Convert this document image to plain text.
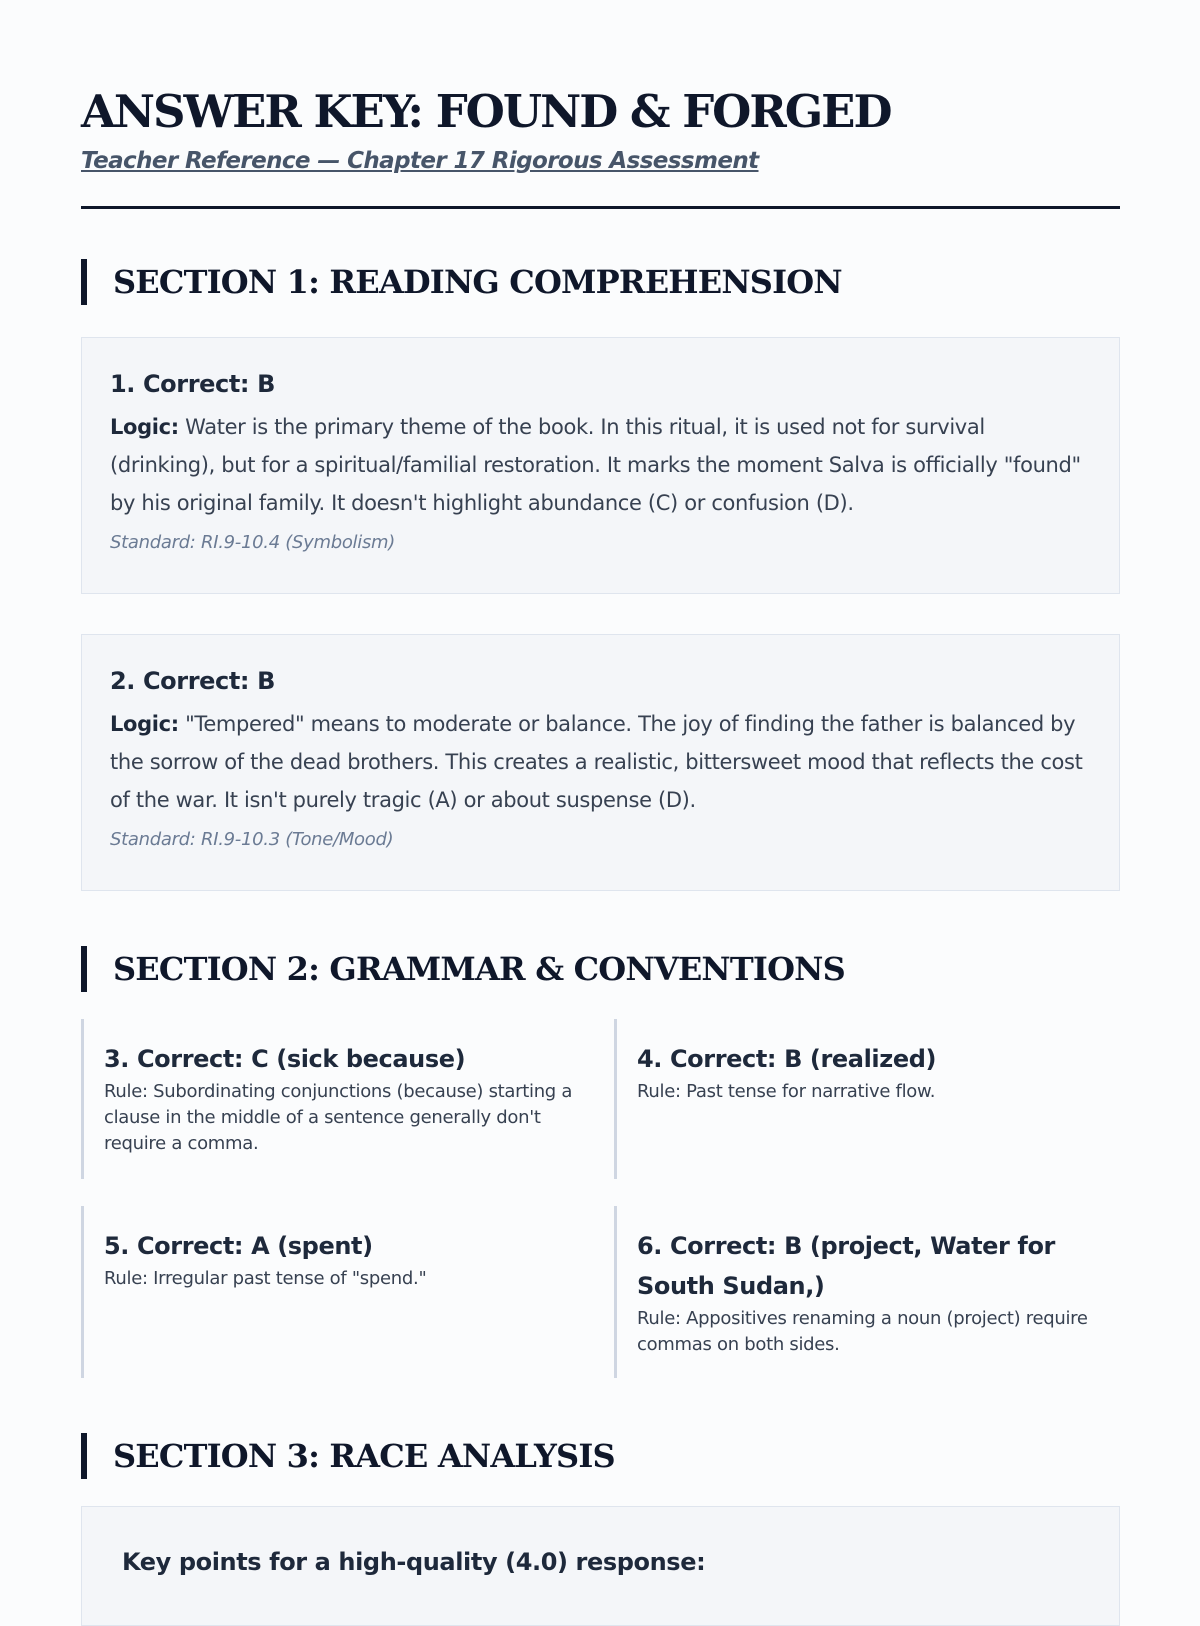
ANSWER KEY: FOUND & FORGED

Teacher Reference — Chapter 17 Rigorous Assessment

SECTION 1: READING COMPREHENSION
1. Correct: B

Logic: Water is the primary theme of the book. In this ritual, it is used not for survival (drinking), but for a spiritual/familial restoration. It marks the moment Salva is officially "found" by his original family. It doesn't highlight abundance (C) or confusion (D).

Standard: RI.9-10.4 (Symbolism)

2. Correct: B

Logic: "Tempered" means to moderate or balance. The joy of finding the father is balanced by the sorrow of the dead brothers. This creates a realistic, bittersweet mood that reflects the cost of the war. It isn't purely tragic (A) or about suspense (D).

Standard: RI.9-10.3 (Tone/Mood)

SECTION 2: GRAMMAR & CONVENTIONS
3. Correct: C (sick because)

Rule: Subordinating conjunctions (because) starting a clause in the middle of a sentence generally don't require a comma.

4. Correct: B (realized)

Rule: Past tense for narrative flow.

5. Correct: A (spent)

Rule: Irregular past tense of "spend."

6. Correct: B (project, Water for South Sudan,)

Rule: Appositives renaming a noun (project) require commas on both sides.

SECTION 3: RACE ANALYSIS
Key points for a high-quality (4.0) response:
